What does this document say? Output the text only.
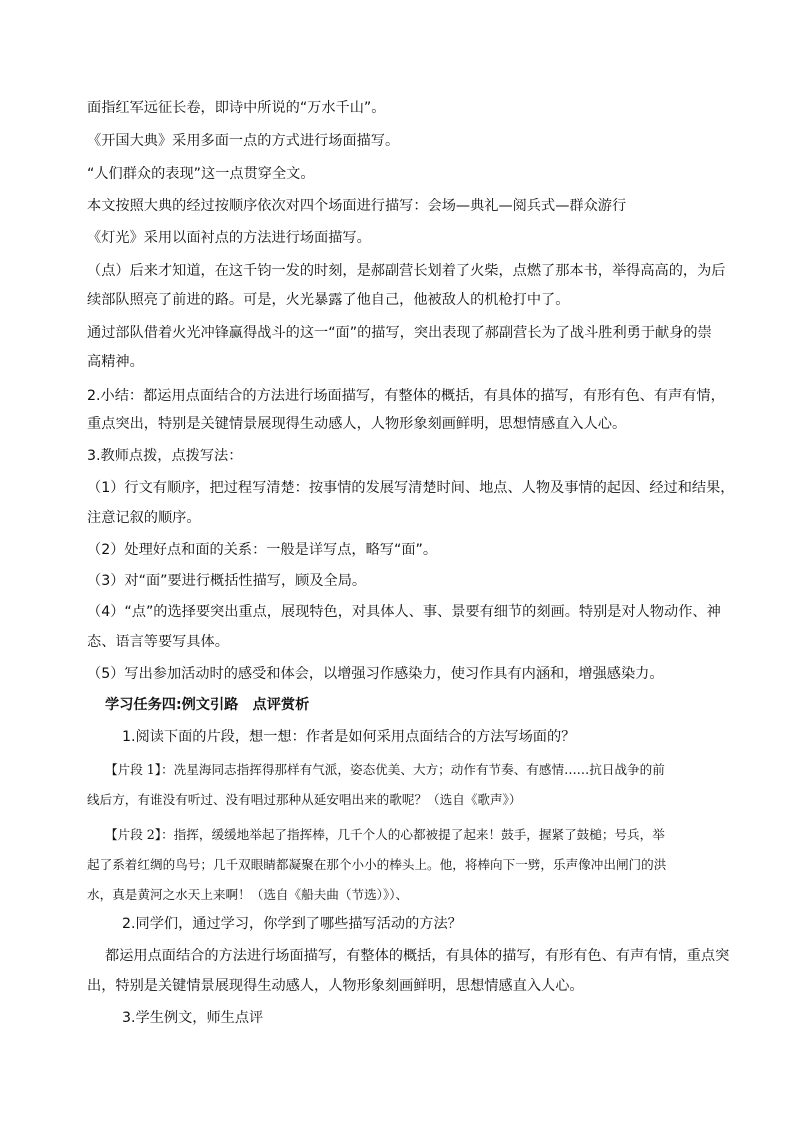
面指红军远征长卷，即诗中所说的“万水千山”。
《开国大典》采用多面一点的方式进行场面描写。
“人们群众的表现”这一点贯穿全文。
本文按照大典的经过按顺序依次对四个场面进行描写：会场—典礼—阅兵式—群众游行
《灯光》采用以面衬点的方法进行场面描写。
（点）后来才知道，在这千钧一发的时刻，是郝副营长划着了火柴，点燃了那本书，举得高高的，为后
续部队照亮了前进的路。可是，火光暴露了他自己，他被敌人的机枪打中了。
通过部队借着火光冲锋赢得战斗的这一“面”的描写，突出表现了郝副营长为了战斗胜利勇于献身的崇
高精神。
2.小结：都运用点面结合的方法进行场面描写，有整体的概括，有具体的描写，有形有色、有声有情，
重点突出，特别是关键情景展现得生动感人，人物形象刻画鲜明，思想情感直入人心。
3.教师点拨，点拨写法：
（1）行文有顺序，把过程写清楚：按事情的发展写清楚时间、地点、人物及事情的起因、经过和结果，
注意记叙的顺序。
（2）处理好点和面的关系：一般是详写点，略写“面”。
（3）对“面”要进行概括性描写，顾及全局。
（4）“点”的选择要突出重点，展现特色，对具体人、事、景要有细节的刻画。特别是对人物动作、神
态、语言等要写具体。
（5）写出参加活动时的感受和体会，以增强习作感染力，使习作具有内涵和，增强感染力。
学习任务四:例文引路　点评赏析
1.阅读下面的片段，想一想：作者是如何采用点面结合的方法写场面的？
【片段 1】：冼星海同志指挥得那样有气派，姿态优美、大方；动作有节奏、有感情……抗日战争的前
线后方，有谁没有听过、没有唱过那种从延安唱出来的歌呢？（选自《歌声》）
【片段 2】：指挥，缓缓地举起了指挥棒，几千个人的心都被提了起来！鼓手，握紧了鼓槌；号兵，举
起了系着红绸的鸟号；几千双眼睛都凝聚在那个小小的棒头上。他，将棒向下一劈，乐声像冲出闸门的洪
水，真是黄河之水天上来啊！（选自《船夫曲（节选）》）、
2.同学们，通过学习，你学到了哪些描写活动的方法？
都运用点面结合的方法进行场面描写，有整体的概括，有具体的描写，有形有色、有声有情，重点突
出，特别是关键情景展现得生动感人，人物形象刻画鲜明，思想情感直入人心。
3.学生例文，师生点评
